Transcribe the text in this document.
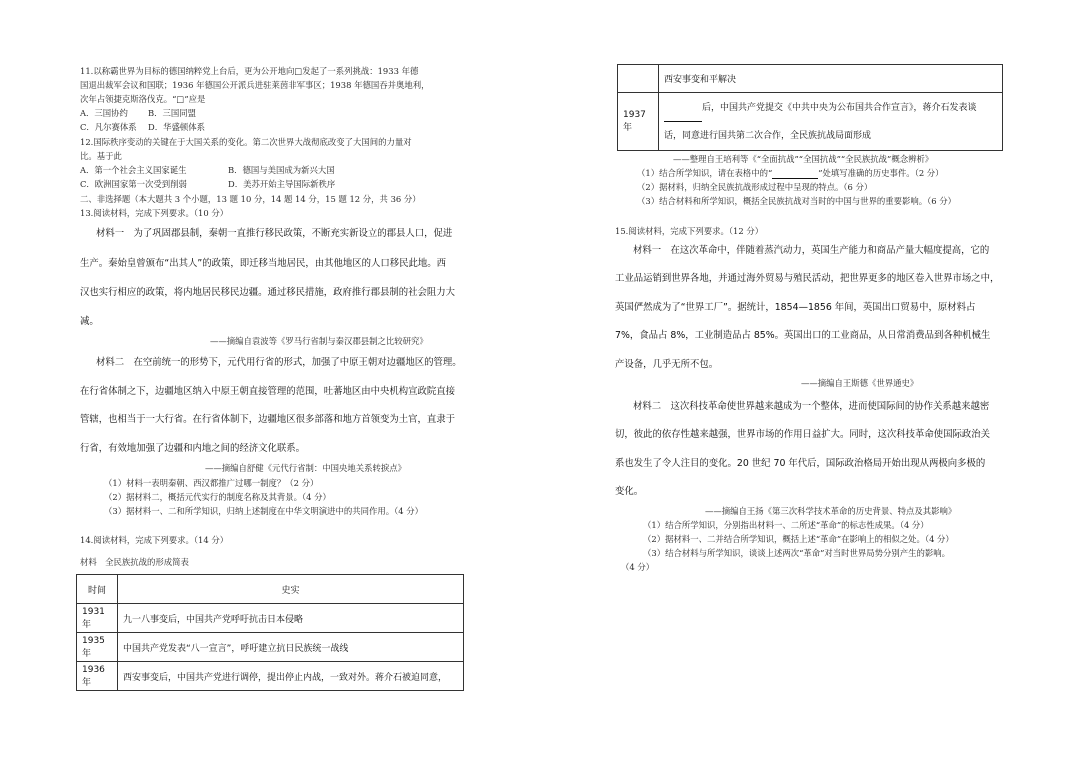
11.以称霸世界为目标的德国纳粹党上台后，更为公开地向□发起了一系列挑战：1933 年德
国退出裁军会议和国联；1936 年德国公开派兵进驻莱茵非军事区；1938 年德国吞并奥地利，
次年占领捷克斯洛伐克。“□”应是
A．三国协约 B．三国同盟
C．凡尔赛体系 D．华盛顿体系
12.国际秩序变动的关键在于大国关系的变化。第二次世界大战彻底改变了大国间的力量对
比。基于此
A．第一个社会主义国家诞生	B．德国与美国成为新兴大国
C．欧洲国家第一次受到削弱	D．美苏开始主导国际新秩序
二、非选择题（本大题共 3 个小题，13 题 10 分，14 题 14 分，15 题 12 分，共 36 分）
13.阅读材料，完成下列要求。（10 分）
材料一　为了巩固郡县制，秦朝一直推行移民政策，不断充实新设立的郡县人口，促进
生产。秦始皇曾颁布“出其人”的政策，即迁移当地居民，由其他地区的人口移民此地。西
汉也实行相应的政策，将内地居民移民边疆。通过移民措施，政府推行郡县制的社会阻力大
减。
——摘编自袁波等《罗马行省制与秦汉郡县制之比较研究》
材料二　在空前统一的形势下，元代用行省的形式，加强了中原王朝对边疆地区的管理。
在行省体制之下，边疆地区纳入中原王朝直接管理的范围，吐蕃地区由中央机构宣政院直接
管辖，也相当于一大行省。在行省体制下，边疆地区很多部落和地方首领变为土官，直隶于
行省，有效地加强了边疆和内地之间的经济文化联系。
——摘编自舒健《元代行省制：中国央地关系转捩点》
（1）材料一表明秦朝、西汉都推广过哪一制度？（2 分）
（2）据材料二，概括元代实行的制度名称及其背景。（4 分）
（3）据材料一、二和所学知识，归纳上述制度在中华文明演进中的共同作用。（4 分）
14.阅读材料，完成下列要求。（14 分）
材料　全民族抗战的形成简表
时间	史实
1931 年	九一八事变后，中国共产党呼吁抗击日本侵略
1935 年	中国共产党发表“八一宣言”，呼吁建立抗日民族统一战线
1936 年	西安事变后，中国共产党进行调停，提出停止内战，一致对外。蒋介石被迫同意，
	西安事变和平解决
1937 年	后，中国共产党提交《中共中央为公布国共合作宣言》，蒋介石发表谈
话，同意进行国共第二次合作，全民族抗战局面形成
——整理自王培利等《“全面抗战”“全国抗战”“全民族抗战”概念辨析》
（1）结合所学知识，请在表格中的“	”处填写准确的历史事件。（2 分）
（2）据材料，归纳全民族抗战形成过程中呈现的特点。（6 分）
（3）结合材料和所学知识，概括全民族抗战对当时的中国与世界的重要影响。（6 分）
15.阅读材料，完成下列要求。（12 分）
材料一　在这次革命中，伴随着蒸汽动力，英国生产能力和商品产量大幅度提高，它的
工业品运销到世界各地，并通过海外贸易与殖民活动，把世界更多的地区卷入世界市场之中，
英国俨然成为了“世界工厂”。据统计，1854—1856 年间，英国出口贸易中，原材料占
7%，食品占 8%，工业制造品占 85%。英国出口的工业商品，从日常消费品到各种机械生
产设备，几乎无所不包。
——摘编自王斯德《世界通史》
材料二　这次科技革命使世界越来越成为一个整体，进而使国际间的协作关系越来越密
切，彼此的依存性越来越强，世界市场的作用日益扩大。同时，这次科技革命使国际政治关
系也发生了令人注目的变化。20 世纪 70 年代后，国际政治格局开始出现从两极向多极的
变化。
——摘编自王扬《第三次科学技术革命的历史背景、特点及其影响》
（1）结合所学知识，分别指出材料一、二所述“革命”的标志性成果。（4 分）
（2）据材料一、二并结合所学知识，概括上述“革命”在影响上的相似之处。（4 分）
（3）结合材料与所学知识，谈谈上述两次“革命”对当时世界局势分别产生的影响。
（4 分）
